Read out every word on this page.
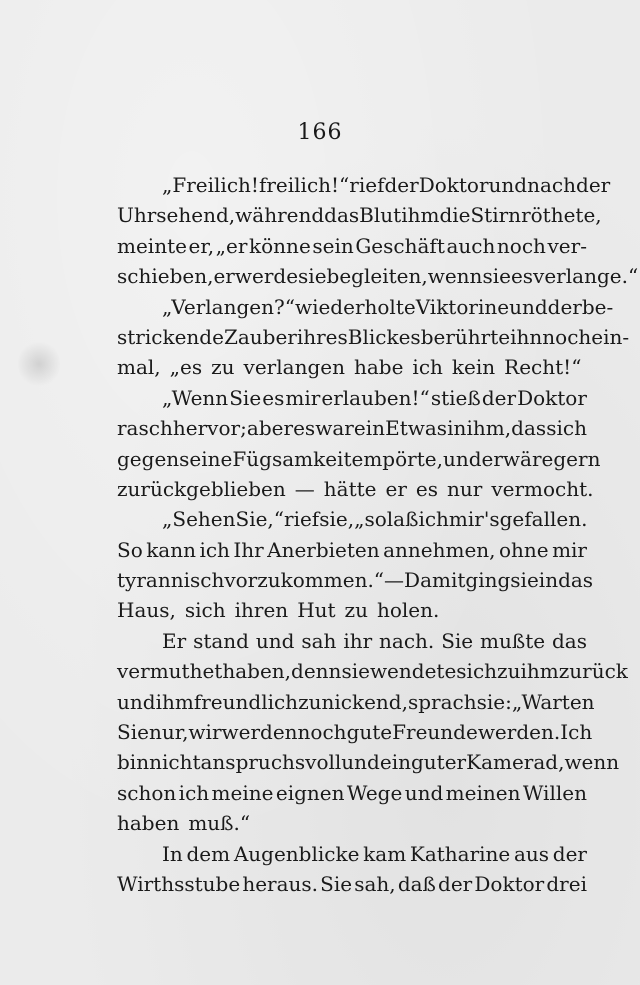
166
„Freilich! freilich!“ rief der Doktor und nach der
Uhr sehend, während das Blut ihm die Stirn röthete,
meinte er, „er könne sein Geschäft auch noch ver-
schieben, er werde sie begleiten, wenn sie es verlange.“
„Verlangen?“ wiederholte Viktorine und der be-
strickende Zauber ihres Blickes berührte ihn noch ein-
mal, „es zu verlangen habe ich kein Recht!“
„Wenn Sie es mir erlauben!“ stieß der Doktor
rasch hervor; aber es war ein Etwas in ihm, das sich
gegen seine Fügsamkeit empörte, und er wäre gern
zurückgeblieben — hätte er es nur vermocht.
„Sehen Sie,“ rief sie, „so laß ich mir's gefallen.
So kann ich Ihr Anerbieten annehmen, ohne mir
tyrannisch vorzukommen.“ — Damit ging sie in das
Haus, sich ihren Hut zu holen.
Er stand und sah ihr nach. Sie mußte das
vermuthet haben, denn sie wendete sich zu ihm zurück
und ihm freundlich zunickend, sprach sie: „Warten
Sie nur, wir werden noch gute Freunde werden. Ich
bin nicht anspruchsvoll und ein guter Kamerad, wenn
schon ich meine eignen Wege und meinen Willen
haben muß.“
In dem Augenblicke kam Katharine aus der
Wirthsstube heraus. Sie sah, daß der Doktor drei
